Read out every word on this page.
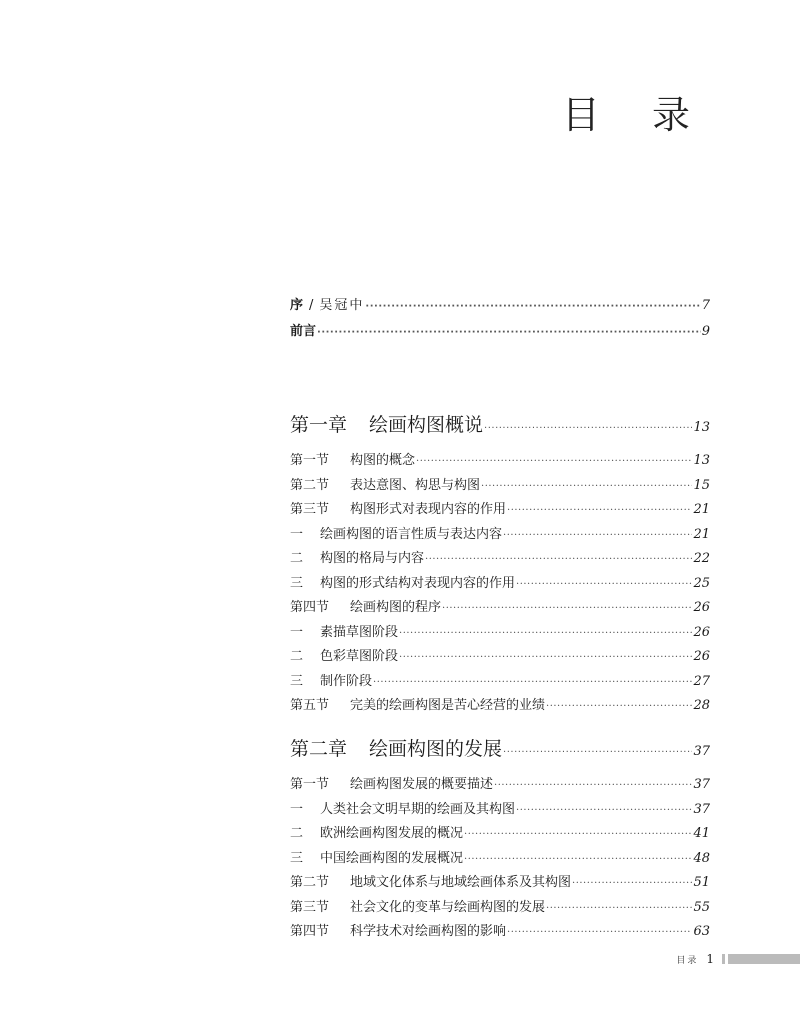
目 录
序 / 吴冠中 ·····	7
前言 ·····	9
第一章 绘画构图概说 ·····	13
第一节	构图的概念 ·····	13
第二节	表达意图、构思与构图 ·····	15
第三节	构图形式对表现内容的作用 ·····	21
一	绘画构图的语言性质与表达内容 ·····	21
二	构图的格局与内容 ·····	22
三	构图的形式结构对表现内容的作用 ·····	25
第四节	绘画构图的程序 ·····	26
一	素描草图阶段 ·····	26
二	色彩草图阶段 ·····	26
三	制作阶段 ·····	27
第五节	完美的绘画构图是苦心经营的业绩 ·····	28
第二章 绘画构图的发展 ·····	37
第一节	绘画构图发展的概要描述 ·····	37
一	人类社会文明早期的绘画及其构图 ·····	37
二	欧洲绘画构图发展的概况 ·····	41
三	中国绘画构图的发展概况 ·····	48
第二节	地域文化体系与地域绘画体系及其构图 ·····	51
第三节	社会文化的变革与绘画构图的发展 ·····	55
第四节	科学技术对绘画构图的影响 ·····	63
目录 1
